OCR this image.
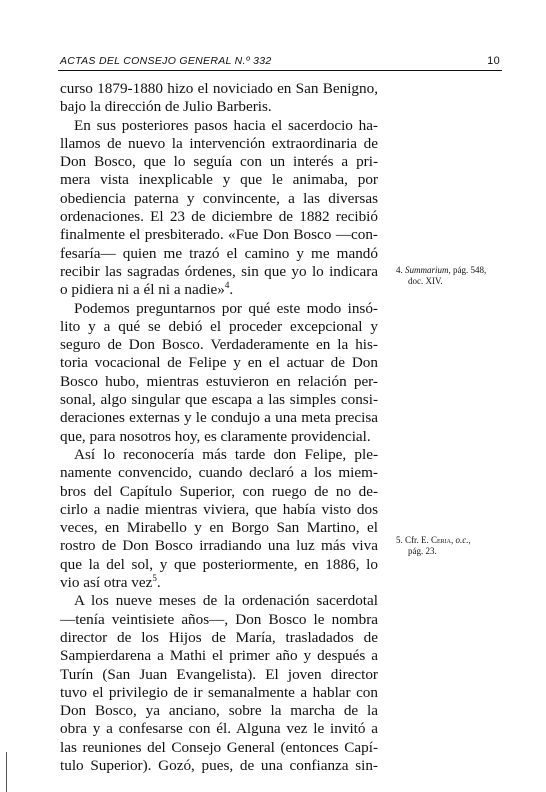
ACTAS DEL CONSEJO GENERAL N.º 332	10
curso 1879-1880 hizo el noviciado en San Benigno,
bajo la dirección de Julio Barberis.
En sus posteriores pasos hacia el sacerdocio ha-
llamos de nuevo la intervención extraordinaria de
Don Bosco, que lo seguía con un interés a pri-
mera vista inexplicable y que le animaba, por
obediencia paterna y convincente, a las diversas
ordenaciones. El 23 de diciembre de 1882 recibió
finalmente el presbiterado. «Fue Don Bosco —con-
fesaría— quien me trazó el camino y me mandó
recibir las sagradas órdenes, sin que yo lo indicara
o pidiera ni a él ni a nadie»$^4$.
Podemos preguntarnos por qué este modo insó-
lito y a qué se debió el proceder excepcional y
seguro de Don Bosco. Verdaderamente en la his-
toria vocacional de Felipe y en el actuar de Don
Bosco hubo, mientras estuvieron en relación per-
sonal, algo singular que escapa a las simples consi-
deraciones externas y le condujo a una meta precisa
que, para nosotros hoy, es claramente providencial.
Así lo reconocería más tarde don Felipe, ple-
namente convencido, cuando declaró a los miem-
bros del Capítulo Superior, con ruego de no de-
cirlo a nadie mientras viviera, que había visto dos
veces, en Mirabello y en Borgo San Martino, el
rostro de Don Bosco irradiando una luz más viva
que la del sol, y que posteriormente, en 1886, lo
vio así otra vez$^5$.
A los nueve meses de la ordenación sacerdotal
—tenía veintisiete años—, Don Bosco le nombra
director de los Hijos de María, trasladados de
Sampierdarena a Mathi el primer año y después a
Turín (San Juan Evangelista). El joven director
tuvo el privilegio de ir semanalmente a hablar con
Don Bosco, ya anciano, sobre la marcha de la
obra y a confesarse con él. Alguna vez le invitó a
las reuniones del Consejo General (entonces Capí-
tulo Superior). Gozó, pues, de una confianza sin-
4. Summarium, pág. 548,
doc. XIV.
5. Cfr. E. Ceria, o.c.,
pág. 23.
